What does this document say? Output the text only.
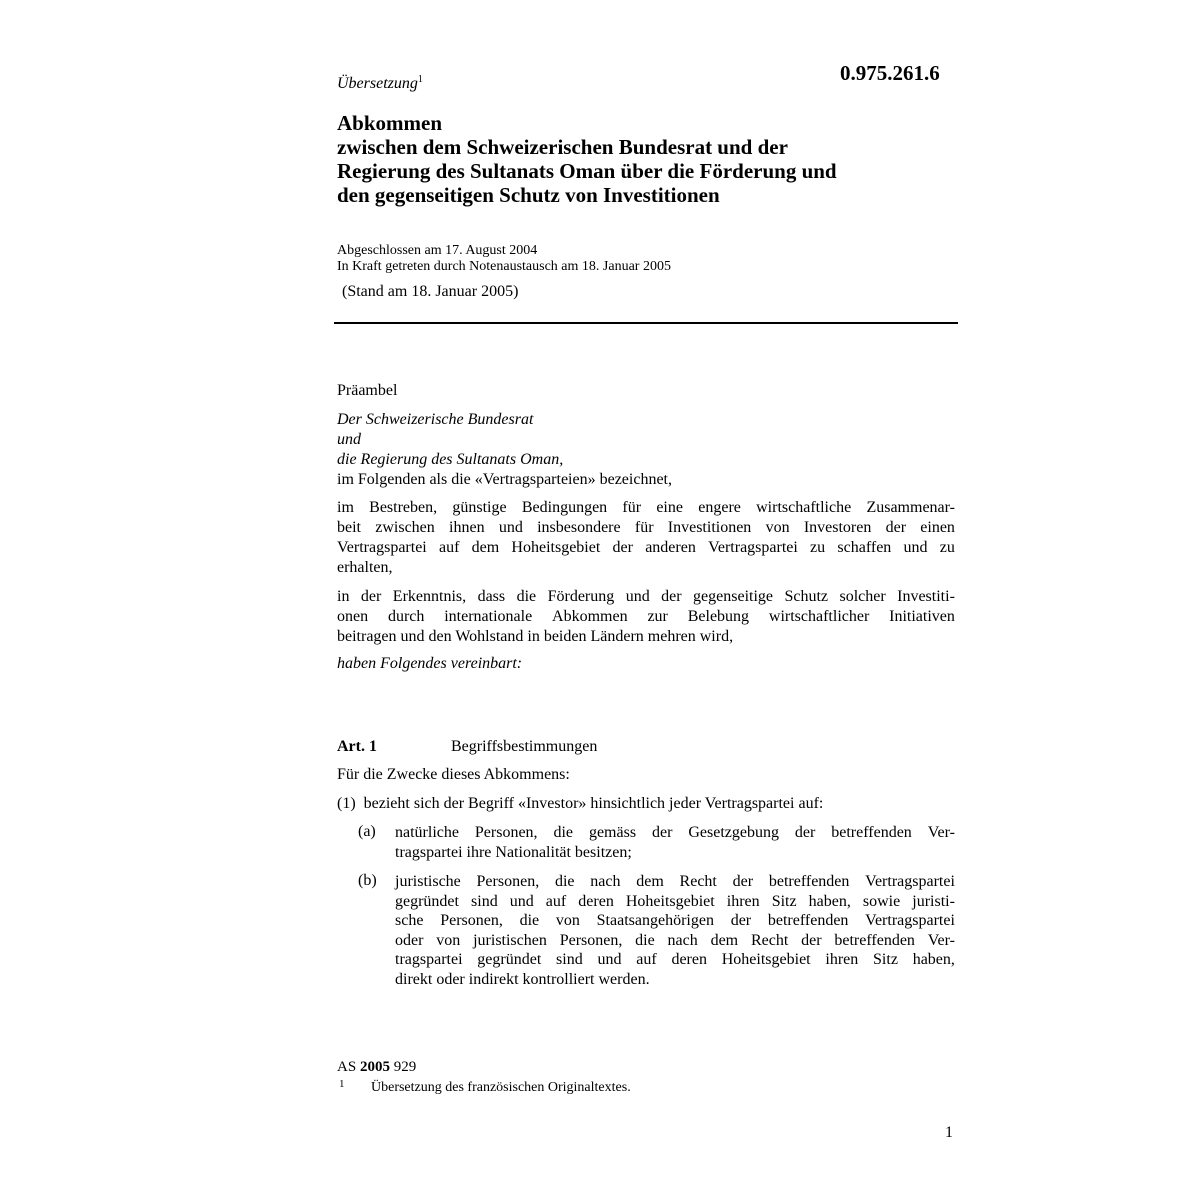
Übersetzung$^1$	0.975.261.6
Abkommen
zwischen dem Schweizerischen Bundesrat und der
Regierung des Sultanats Oman über die Förderung und
den gegenseitigen Schutz von Investitionen
Abgeschlossen am 17. August 2004
In Kraft getreten durch Notenaustausch am 18. Januar 2005
(Stand am 18. Januar 2005)
Präambel
Der Schweizerische Bundesrat
und
die Regierung des Sultanats Oman,
im Folgenden als die «Vertragsparteien» bezeichnet,
im Bestreben, günstige Bedingungen für eine engere wirtschaftliche Zusammenar-
beit zwischen ihnen und insbesondere für Investitionen von Investoren der einen
Vertragspartei auf dem Hoheitsgebiet der anderen Vertragspartei zu schaffen und zu
erhalten,
in der Erkenntnis, dass die Förderung und der gegenseitige Schutz solcher Investiti-
onen durch internationale Abkommen zur Belebung wirtschaftlicher Initiativen
beitragen und den Wohlstand in beiden Ländern mehren wird,
haben Folgendes vereinbart:
Art. 1	Begriffsbestimmungen
Für die Zwecke dieses Abkommens:
(1)  bezieht sich der Begriff «Investor» hinsichtlich jeder Vertragspartei auf:
(a) natürliche Personen, die gemäss der Gesetzgebung der betreffenden Ver-
tragspartei ihre Nationalität besitzen;
(b) juristische Personen, die nach dem Recht der betreffenden Vertragspartei
gegründet sind und auf deren Hoheitsgebiet ihren Sitz haben, sowie juristi-
sche Personen, die von Staatsangehörigen der betreffenden Vertragspartei
oder von juristischen Personen, die nach dem Recht der betreffenden Ver-
tragspartei gegründet sind und auf deren Hoheitsgebiet ihren Sitz haben,
direkt oder indirekt kontrolliert werden.
AS 2005 929
1 Übersetzung des französischen Originaltextes.
1
